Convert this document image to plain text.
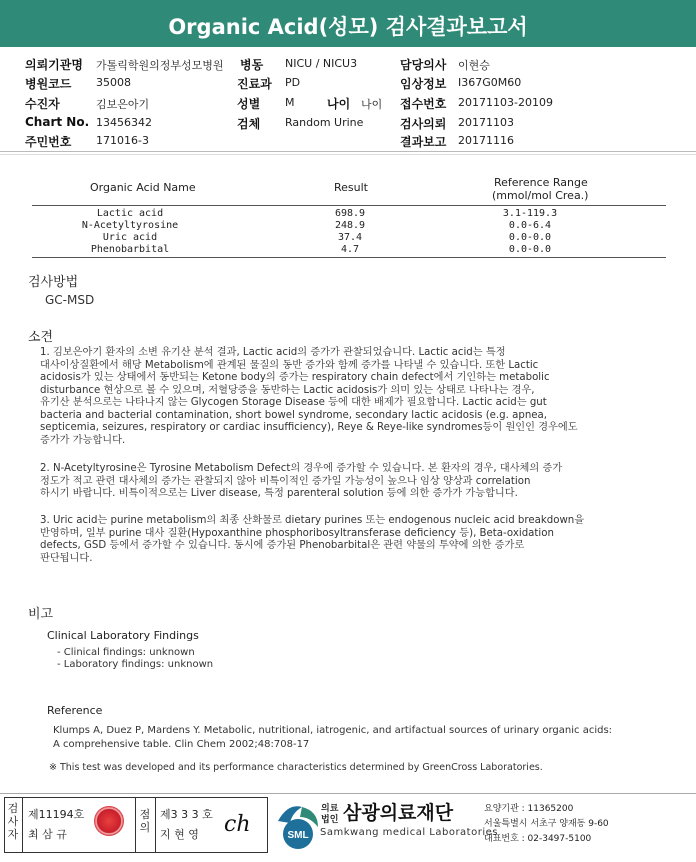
Organic Acid(성모) 검사결과보고서
의뢰기관명 가톨릭학원의정부성모병원
병원코드 35008
수진자	김보은아기
Chart No. 13456342
주민번호 171016-3
병동 NICU / NICU3
진료과 PD
성별 M	나이 나이
검체 Random Urine
담당의사 이현승
임상정보 I367G0M60
접수번호 20171103-20109
검사의뢰 20171103
결과보고 20171116
Organic Acid Name	Result	Reference Range
(mmol/mol Crea.)
Lactic acid	698.9	3.1-119.3
N-Acetyltyrosine	248.9	0.0-6.4
Uric acid	37.4	0.0-0.0
Phenobarbital	4.7	0.0-0.0
검사방법
GC-MSD
소견
1. 김보은아기 환자의 소변 유기산 분석 결과, Lactic acid의 증가가 관찰되었습니다. Lactic acid는 특정
대사이상질환에서 해당 Metabolism에 관계된 물질의 동반 증가와 함께 증가를 나타낼 수 있습니다. 또한 Lactic
acidosis가 있는 상태에서 동반되는 Ketone body의 증가는 respiratory chain defect에서 기인하는 metabolic
disturbance 현상으로 볼 수 있으며, 저혈당증을 동반하는 Lactic acidosis가 의미 있는 상태로 나타나는 경우,
유기산 분석으로는 나타나지 않는 Glycogen Storage Disease 등에 대한 배제가 필요합니다. Lactic acid는 gut
bacteria and bacterial contamination, short bowel syndrome, secondary lactic acidosis (e.g. apnea,
septicemia, seizures, respiratory or cardiac insufficiency), Reye & Reye-like syndromes등이 원인인 경우에도
증가가 가능합니다.
2. N-Acetyltyrosine은 Tyrosine Metabolism Defect의 경우에 증가할 수 있습니다. 본 환자의 경우, 대사체의 증가
정도가 적고 관련 대사체의 증가는 관찰되지 않아 비특이적인 증가일 가능성이 높으나 임상 양상과 correlation
하시기 바랍니다. 비특이적으로는 Liver disease, 특정 parenteral solution 등에 의한 증가가 가능합니다.
3. Uric acid는 purine metabolism의 최종 산화물로 dietary purines 또는 endogenous nucleic acid breakdown을
반영하며, 일부 purine 대사 질환(Hypoxanthine phosphoribosyltransferase deficiency 등), Beta-oxidation
defects, GSD 등에서 증가할 수 있습니다. 동시에 증가된 Phenobarbital은 관련 약물의 투약에 의한 증가로
판단됩니다.
비고
Clinical Laboratory Findings
- Clinical findings: unknown
- Laboratory findings: unknown
Reference
Klumps A, Duez P, Mardens Y. Metabolic, nutritional, iatrogenic, and artifactual sources of urinary organic acids:
A comprehensive table. Clin Chem 2002;48:708-17
※ This test was developed and its performance characteristics determined by GreenCross Laboratories.
검사자
제11194호
최 삼 규
점의
제3 3 3 호
지 현 영 ch	SML
의료
법인 삼광의료재단
Samkwang medical Laboratories
요양기관 : 11365200
서울특별시 서초구 양재동 9-60
대표번호 : 02-3497-5100
